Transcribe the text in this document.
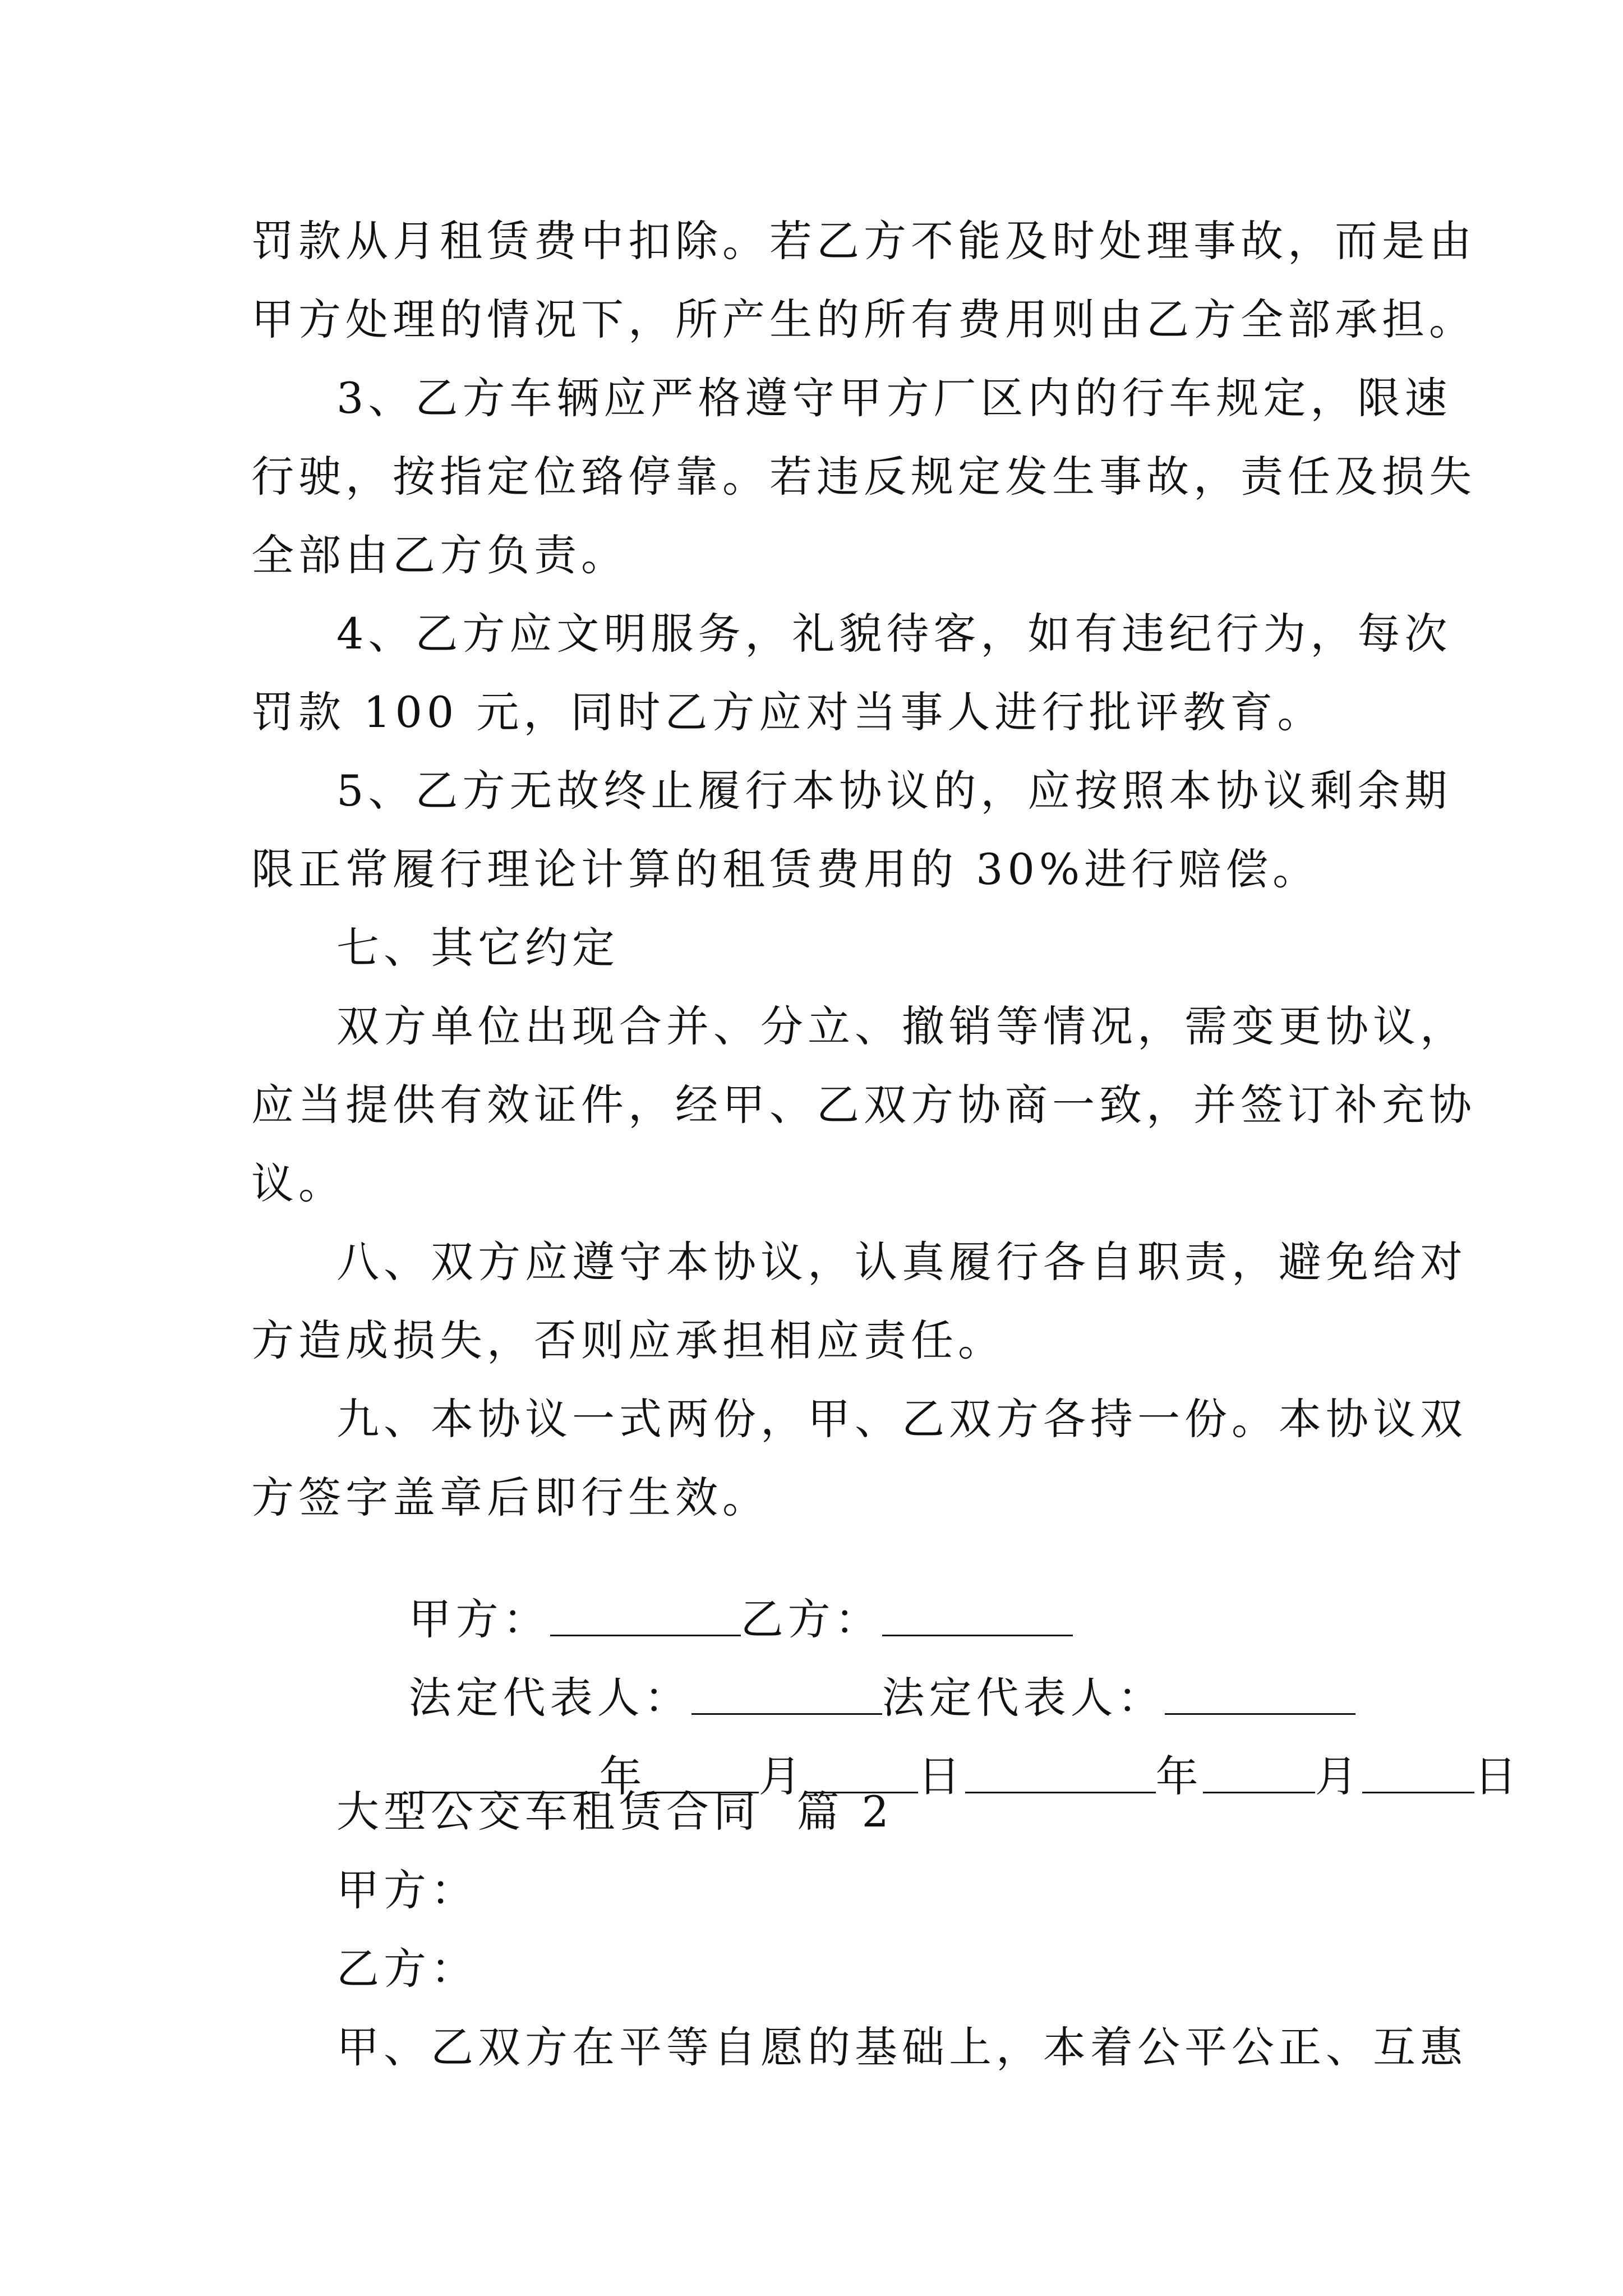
罚款从月租赁费中扣除。若乙方不能及时处理事故，而是由
甲方处理的情况下，所产生的所有费用则由乙方全部承担。
3、乙方车辆应严格遵守甲方厂区内的行车规定，限速
行驶，按指定位臵停靠。若违反规定发生事故，责任及损失
全部由乙方负责。
4、乙方应文明服务，礼貌待客，如有违纪行为，每次
罚款 100 元，同时乙方应对当事人进行批评教育。
5、乙方无故终止履行本协议的，应按照本协议剩余期
限正常履行理论计算的租赁费用的 30%进行赔偿。
七、其它约定
双方单位出现合并、分立、撤销等情况，需变更协议，
应当提供有效证件，经甲、乙双方协商一致，并签订补充协
议。
八、双方应遵守本协议，认真履行各自职责，避免给对
方造成损失，否则应承担相应责任。
九、本协议一式两份，甲、乙双方各持一份。本协议双
方签字盖章后即行生效。

甲方：	乙方：

法定代表人：	法定代表人：

年	月	日	年	月	日

大型公交车租赁合同  篇 2
甲方：
乙方：
甲、乙双方在平等自愿的基础上，本着公平公正、互惠
